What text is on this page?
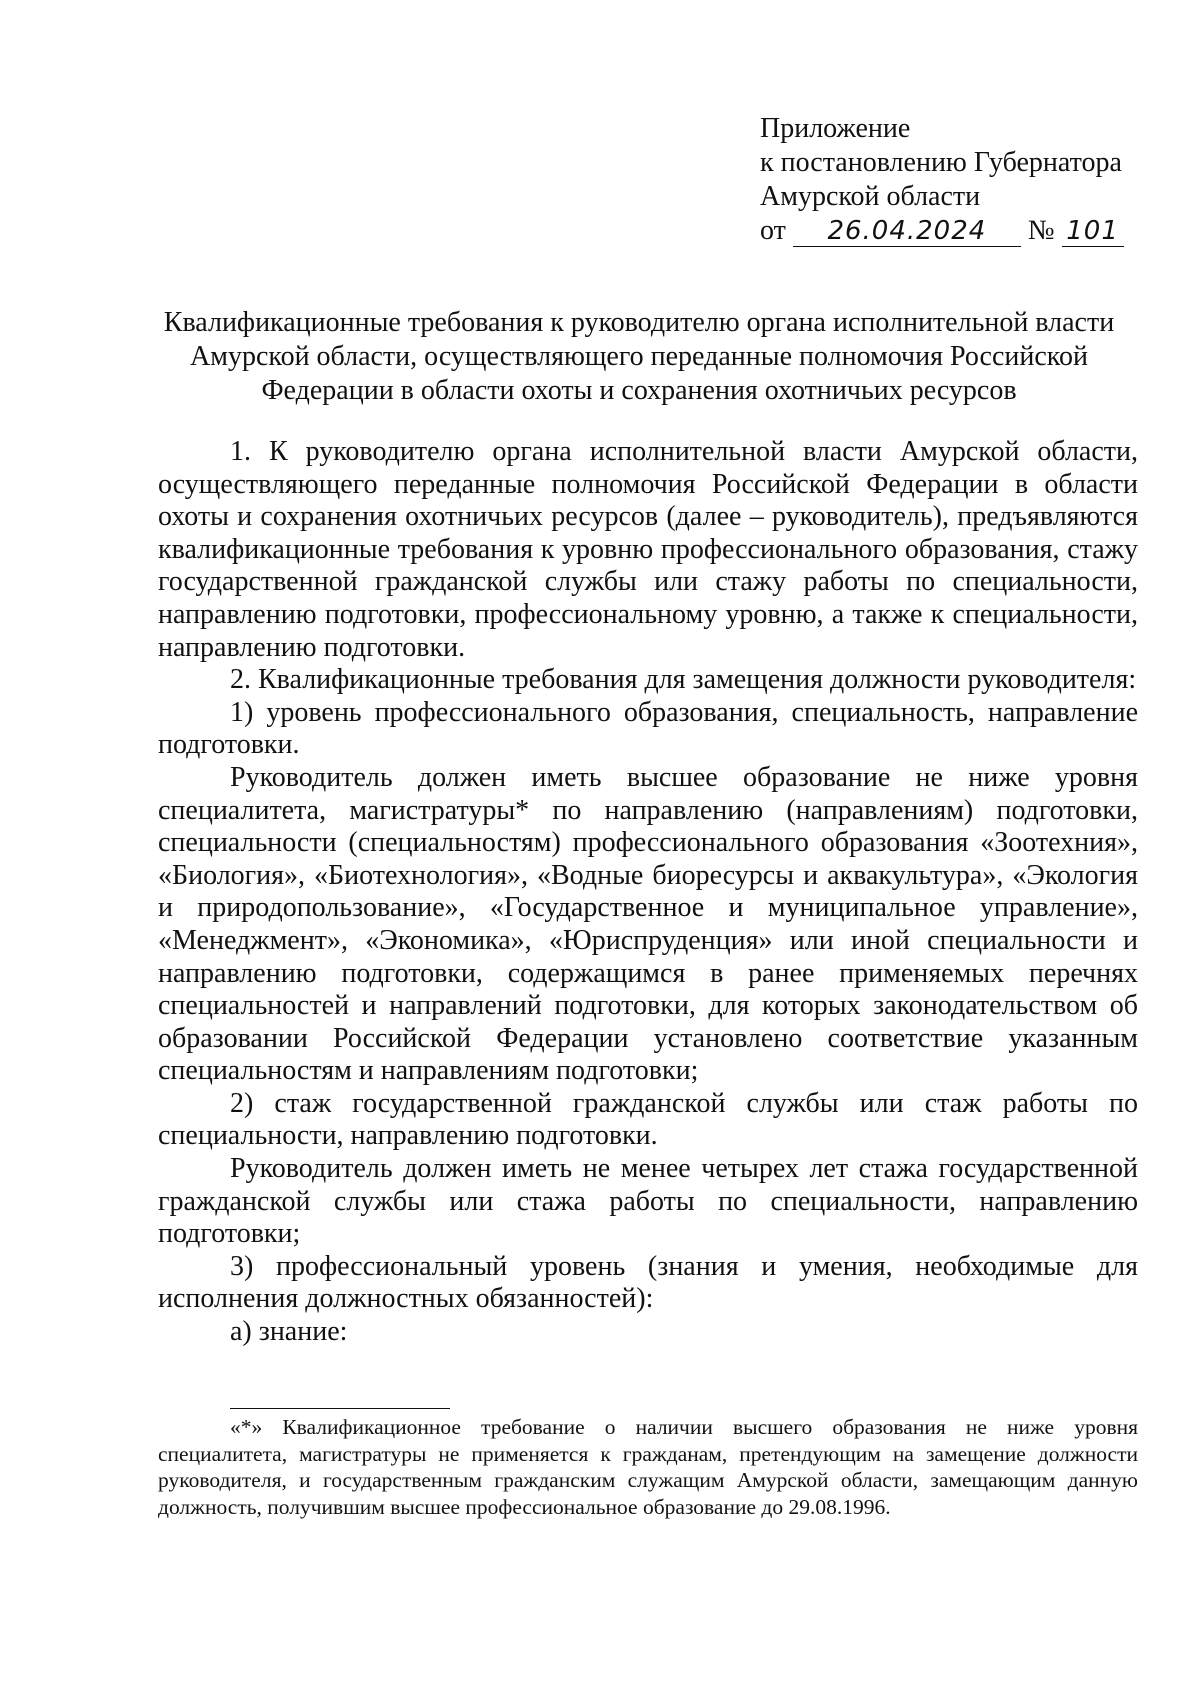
Приложение
к постановлению Губернатора
Амурской области
от 26.04.2024 № 101
Квалификационные требования к руководителю органа исполнительной власти
Амурской области, осуществляющего переданные полномочия Российской
Федерации в области охоты и сохранения охотничьих ресурсов

1. К руководителю органа исполнительной власти Амурской области, осуществляющего переданные полномочия Российской Федерации в области охоты и сохранения охотничьих ресурсов (далее – руководитель), предъявляются квалификационные требования к уровню профессионального образования, стажу государственной гражданской службы или стажу работы по специальности, направлению подготовки, профессиональному уровню, а также к специальности, направлению подготовки.

2. Квалификационные требования для замещения должности руководителя:

1) уровень профессионального образования, специальность, направление подготовки.

Руководитель должен иметь высшее образование не ниже уровня специалитета, магистратуры* по направлению (направлениям) подготовки, специальности (специальностям) профессионального образования «Зоотехния», «Биология», «Биотехнология», «Водные биоресурсы и аквакультура», «Экология и природопользование», «Государственное и муниципальное управление», «Менеджмент», «Экономика», «Юриспруденция» или иной специальности и направлению подготовки, содержащимся в ранее применяемых перечнях специальностей и направлений подготовки, для которых законодательством об образовании Российской Федерации установлено соответствие указанным специальностям и направлениям подготовки;

2) стаж государственной гражданской службы или стаж работы по специальности, направлению подготовки.

Руководитель должен иметь не менее четырех лет стажа государственной гражданской службы или стажа работы по специальности, направлению подготовки;

3) профессиональный уровень (знания и умения, необходимые для исполнения должностных обязанностей):

а) знание:

«*» Квалификационное требование о наличии высшего образования не ниже уровня специалитета, магистратуры не применяется к гражданам, претендующим на замещение должности руководителя, и государственным гражданским служащим Амурской области, замещающим данную должность, получившим высшее профессиональное образование до 29.08.1996.
